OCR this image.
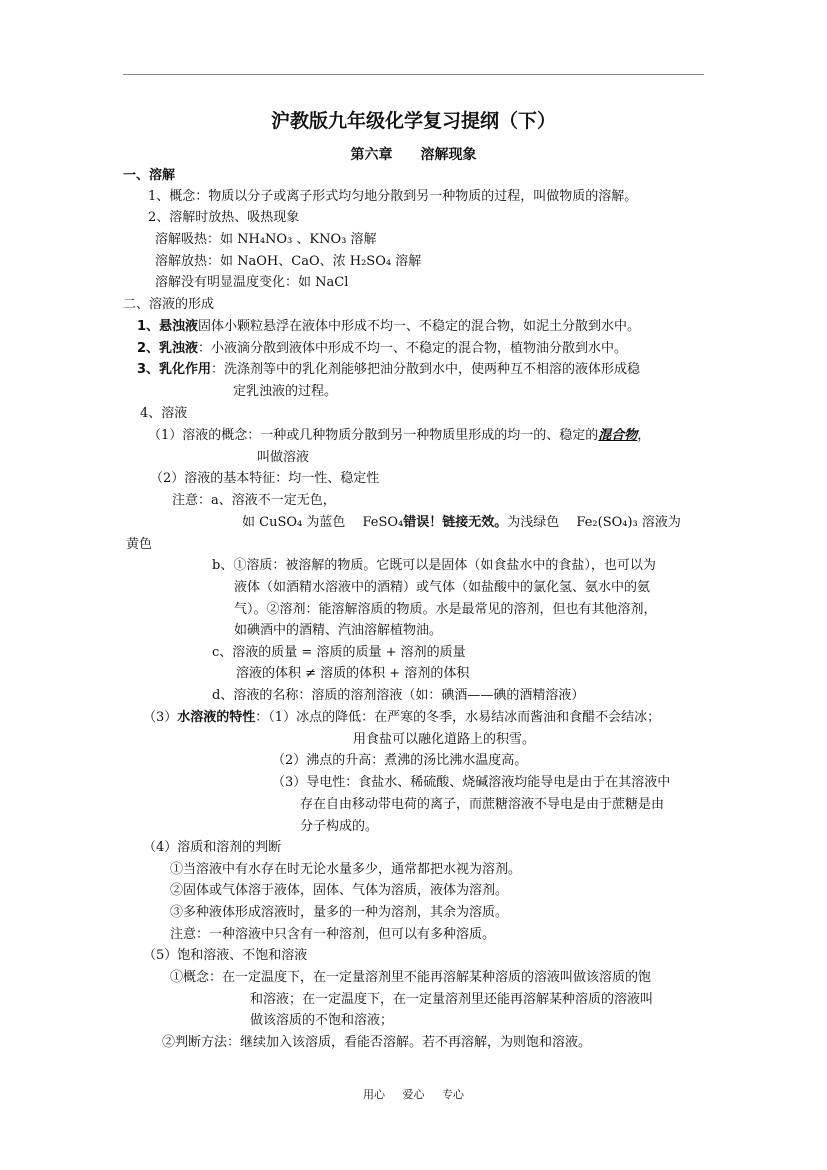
沪教版九年级化学复习提纲（下）
第六章　　溶解现象
一、溶解
1、概念：物质以分子或离子形式均匀地分散到另一种物质的过程，叫做物质的溶解。
2、溶解时放热、吸热现象
溶解吸热：如 NH₄NO₃ 、KNO₃ 溶解
溶解放热：如 NaOH、CaO、浓 H₂SO₄ 溶解
溶解没有明显温度变化：如 NaCl
二、溶液的形成
1、悬浊液固体小颗粒悬浮在液体中形成不均一、不稳定的混合物，如泥土分散到水中。
2、乳浊液：小液滴分散到液体中形成不均一、不稳定的混合物，植物油分散到水中。
3、乳化作用：洗涤剂等中的乳化剂能够把油分散到水中，使两种互不相溶的液体形成稳
定乳浊液的过程。
4、溶液
（1）溶液的概念：一种或几种物质分散到另一种物质里形成的均一的、稳定的混合物，
叫做溶液
（2）溶液的基本特征：均一性、稳定性
注意：a、溶液不一定无色，
如 CuSO₄ 为蓝色　 FeSO₄错误！链接无效。为浅绿色　 Fe₂(SO₄)₃ 溶液为
黄色
b、①溶质：被溶解的物质。它既可以是固体（如食盐水中的食盐），也可以为
液体（如酒精水溶液中的酒精）或气体（如盐酸中的氯化氢、氨水中的氨
气）。②溶剂：能溶解溶质的物质。水是最常见的溶剂，但也有其他溶剂，
如碘酒中的酒精、汽油溶解植物油。
c、溶液的质量 = 溶质的质量 + 溶剂的质量
溶液的体积 ≠ 溶质的体积 + 溶剂的体积
d、溶液的名称：溶质的溶剂溶液（如：碘酒——碘的酒精溶液）
（3）水溶液的特性：（1）冰点的降低：在严寒的冬季，水易结冰而酱油和食醋不会结冰；
用食盐可以融化道路上的积雪。
（2）沸点的升高：煮沸的汤比沸水温度高。
（3）导电性：食盐水、稀硫酸、烧碱溶液均能导电是由于在其溶液中
存在自由移动带电荷的离子，而蔗糖溶液不导电是由于蔗糖是由
分子构成的。
（4）溶质和溶剂的判断
①当溶液中有水存在时无论水量多少，通常都把水视为溶剂。
②固体或气体溶于液体，固体、气体为溶质，液体为溶剂。
③多种液体形成溶液时，量多的一种为溶剂，其余为溶质。
注意：一种溶液中只含有一种溶剂，但可以有多种溶质。
（5）饱和溶液、不饱和溶液
①概念：在一定温度下，在一定量溶剂里不能再溶解某种溶质的溶液叫做该溶质的饱
和溶液；在一定温度下，在一定量溶剂里还能再溶解某种溶质的溶液叫
做该溶质的不饱和溶液；
②判断方法：继续加入该溶质，看能否溶解。若不再溶解，为则饱和溶液。
用心 爱心 专心
